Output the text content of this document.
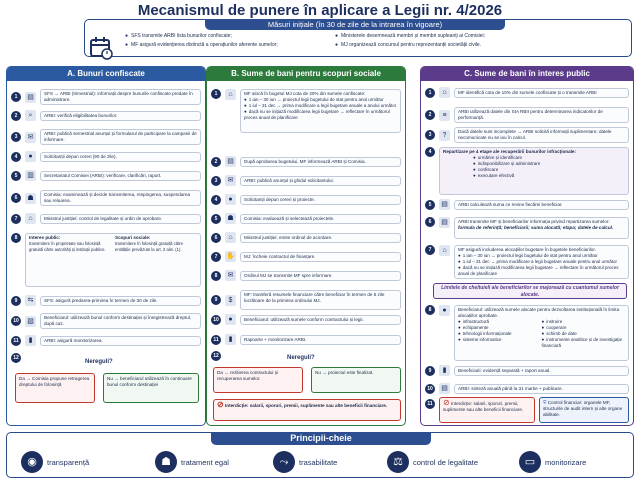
Mecanismul de punere în aplicare a Legii nr. 4/2026
Măsuri inițiale (în 30 de zile de la intrarea în vigoare)
● SFS transmite ARBI lista bunurilor confiscate;
● MF asigură evidențierea distinctă a operațiunilor aferente sumelor;
● Ministerele desemnează membri și membri supleanți ai Comisiei;
● MJ organizează concursul pentru reprezentanții societății civile.
A. Bunuri confiscate
1	▤	SFS → ARBI (trimestrial): informații despre bunurile confiscate predate în administrare.
2	⌕	ARBI: verifică eligibilitatea bunurilor.
3	✉	ARBI: publică semestrial anunțul și formularul de participare la campanii de informare.
4	●	Solicitanții depun cereri (90 de zile).
5	▥	Secretariatul Comisiei (ARBI): verificare, clarificări, raport.
6	☗	Comisia: examinează și decide transmiterea, respingerea, suspendarea sau reluarea.
7	⌂	Ministrul justiției: control de legalitate și ordin de aprobare.
8	Interes public:
transmitere în proprietate sau folosință gratuită către autorități și instituții publice.
Scopuri sociale:
transmitere în folosință gratuită către entitățile prevăzute la art. 2 alin. (1).
9	⇆	SFS: asigură predarea-primirea în termen de 30 de zile.
10	▧	Beneficiarul: utilizează bunul conform destinației și înregistrează dreptul, după caz.
11	▮	ARBI: asigură monitorizarea.
12
Nereguli?
Da → Comisia propune retragerea dreptului de folosință
Nu → beneficiarul utilizează în continuare bunul conform destinației
B. Sume de bani pentru scopuri sociale
1	⌂	MF alocă în bugetul MJ cota de 20% din sumele confiscate:
● 1 ian – 30 iun → proiectul legii bugetului de stat pentru anul următor
● 1 iul – 31 dec → prima modificare a legii bugetare anuale a anului următor
● dacă nu se inițiază modificarea legii bugetare → reflectare în următorul proces anual de planificare
2	▤	După aprobarea bugetului, MF informează ARBI și Comisia.
3	✉	ARBI: publică anunțul și ghidul solicitantului.
4	●	Solicitanții depun cereri și proiecte.
5	☗	Comisia: evaluează și selectează proiectele.
6	⌂	Ministrul justiției: emite ordinul de acordare.
7	✋	MJ: încheie contractul de finanțare.
8	✉	Ordinul MJ se transmite MF spre informare.
9	$
MF: transferă resursele financiare către beneficiar în termen de 5 zile lucrătoare de la primirea ordinului MJ.
10	●	Beneficiarul: utilizează sumele conform contractului și legii.
11	▮	Rapoarte + monitorizare ARBI.
12	Nereguli?
Da → rezilierea contractului și recuperarea sumelor.
Nu → proiectul este finalizat.
⊘ Interdicție: salarii, sporuri, premii, suplimente sau alte beneficii financiare.
C. Sume de bani în interes public
1	⌂	MF identifică cota de 10% din sumele confiscate și o transmite ARBI
2	≡	ARBI utilizează datele din SIA RBII pentru determinarea indicatorilor de performanță.
3	?	Dacă datele sunt incomplete → ARBI solicită informații suplimentare; datele necomunicate nu se iau în calcul.
4	Repartizare pe 4 etape ale recuperării bunurilor infracționale:
● urmărire și identificare
● indisponibilizare și administrare
● confiscare
● executare efectivă
5	▤	ARBI calculează suma ce revine fiecărei beneficiar.
6	▤	ARBI transmite MF și beneficiarilor informația privind repartizarea sumelor:
formula de referință; beneficiarii; suma alocată; etapa; datele de calcul.
7	⌂	MF asigură includerea alocațiilor bugetare în bugetele beneficiarilor.
● 1 ian – 30 iun → proiectul legii bugetului de stat pentru anul următor
● 1 iul – 31 dec → prima modificare a legii bugetare anuale pentru anul următor
● dacă nu se inițiază modificarea legii bugetare → reflectare în următorul proces anual de planificare
Limitele de cheltuieli ale beneficiarilor se majorează cu cuantumul sumelor alocate.
8	●	Beneficiarul: utilizează sumele alocate pentru dezvoltarea instituțională în limita alocațiilor aprobate.
● infrastructură
● echipamente
● tehnologii informaționale
● sisteme informatice
● instruire
● cooperare
● schimb de date
● instrumente analitice și de investigație financiară
9	▮	Beneficiarii: evidență separată + raport anual.
10	▤	ARBI: sinteză anuală până la 31 martie + publicare.
11	⊘ Interdicție: salarii, sporuri, premii, suplimente sau alte beneficii financiare.
⛨ Control financiar: organele MF, structurile de audit intern și alte organe abilitate.
Principii-cheie
◉	transparență	☗	tratament egal	⤳	trasabilitate	⚖	control de legalitate	▭	monitorizare
